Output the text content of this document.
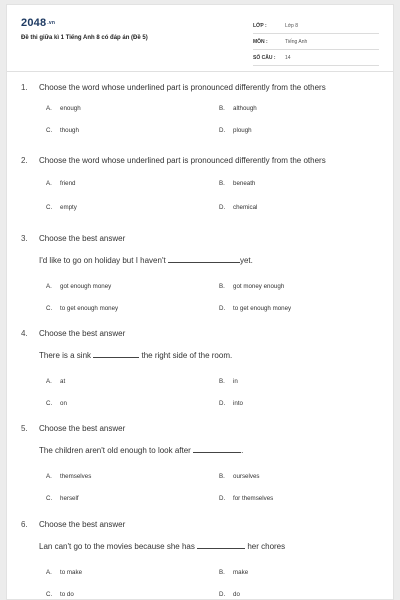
2048.vn
Đề thi giữa kì 1 Tiếng Anh 8 có đáp án (Đề 5)
LỚP :	Lớp 8
MÔN :	Tiếng Anh
SỐ CÂU :	14
1.	Choose the word whose underlined part is pronounced differently from the others
A. enough	B. although
C. though	D. plough
2.	Choose the word whose underlined part is pronounced differently from the others
A. friend	B. beneath
C. empty	D. chemical
3.	Choose the best answer
I'd like to go on holiday but I haven't	yet.
A. got enough money	B. got money enough
C. to get enough money	D. to get enough money
4.	Choose the best answer
There is a sink	the right side of the room.
A. at	B. in
C. on	D. into
5.	Choose the best answer
The children aren't old enough to look after	.
A. themselves	B. ourselves
C. herself	D. for themselves
6.	Choose the best answer
Lan can't go to the movies because she has	her chores
A. to make	B. make
C. to do	D. do
